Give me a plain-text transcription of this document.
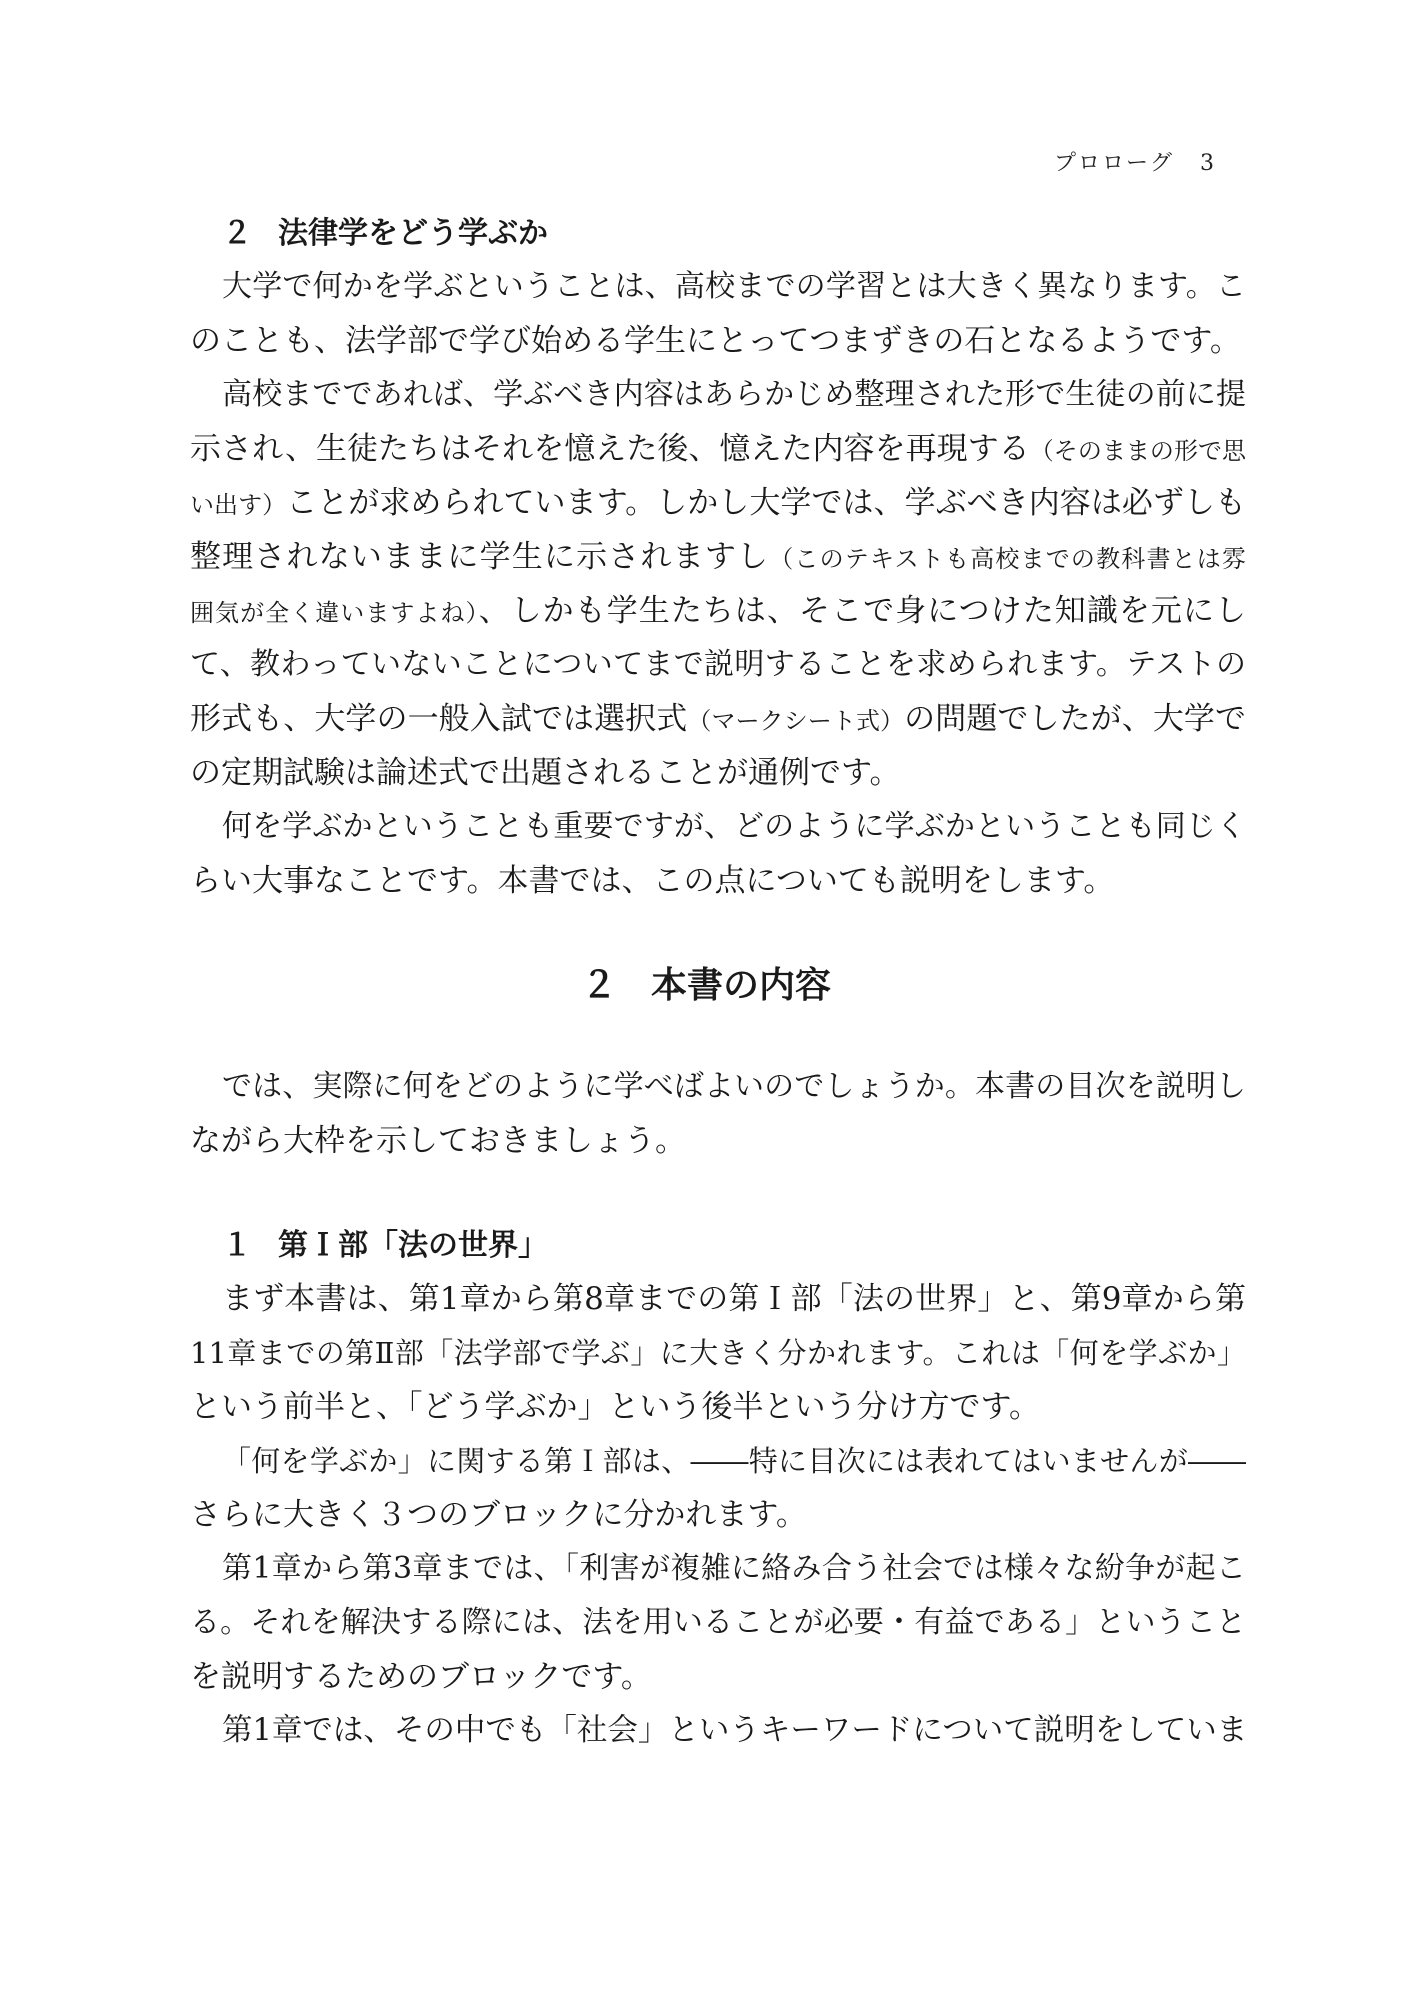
プロローグ 3
２ 法律学をどう学ぶか
大学で何かを学ぶということは、高校までの学習とは大きく異なります。こ
のことも、法学部で学び始める学生にとってつまずきの石となるようです。
高校までであれば、学ぶべき内容はあらかじめ整理された形で生徒の前に提
示され、生徒たちはそれを憶えた後、憶えた内容を再現する（そのままの形で思
い出す）ことが求められています。しかし大学では、学ぶべき内容は必ずしも
整理されないままに学生に示されますし（このテキストも高校までの教科書とは雰
囲気が全く違いますよね）、しかも学生たちは、そこで身につけた知識を元にし
て、教わっていないことについてまで説明することを求められます。テストの
形式も、大学の一般入試では選択式（マークシート式）の問題でしたが、大学で
の定期試験は論述式で出題されることが通例です。
何を学ぶかということも重要ですが、どのように学ぶかということも同じく
らい大事なことです。本書では、この点についても説明をします。
２ 本書の内容
では、実際に何をどのように学べばよいのでしょうか。本書の目次を説明し
ながら大枠を示しておきましょう。
１ 第Ｉ部「法の世界」
まず本書は、第1章から第8章までの第Ｉ部「法の世界」と、第9章から第
11章までの第Ⅱ部「法学部で学ぶ」に大きく分かれます。これは「何を学ぶか」
という前半と、「どう学ぶか」という後半という分け方です。
「何を学ぶか」に関する第Ｉ部は、――特に目次には表れてはいませんが――
さらに大きく３つのブロックに分かれます。
第1章から第3章までは、「利害が複雑に絡み合う社会では様々な紛争が起こ
る。それを解決する際には、法を用いることが必要・有益である」ということ
を説明するためのブロックです。
第1章では、その中でも「社会」というキーワードについて説明をしていま
